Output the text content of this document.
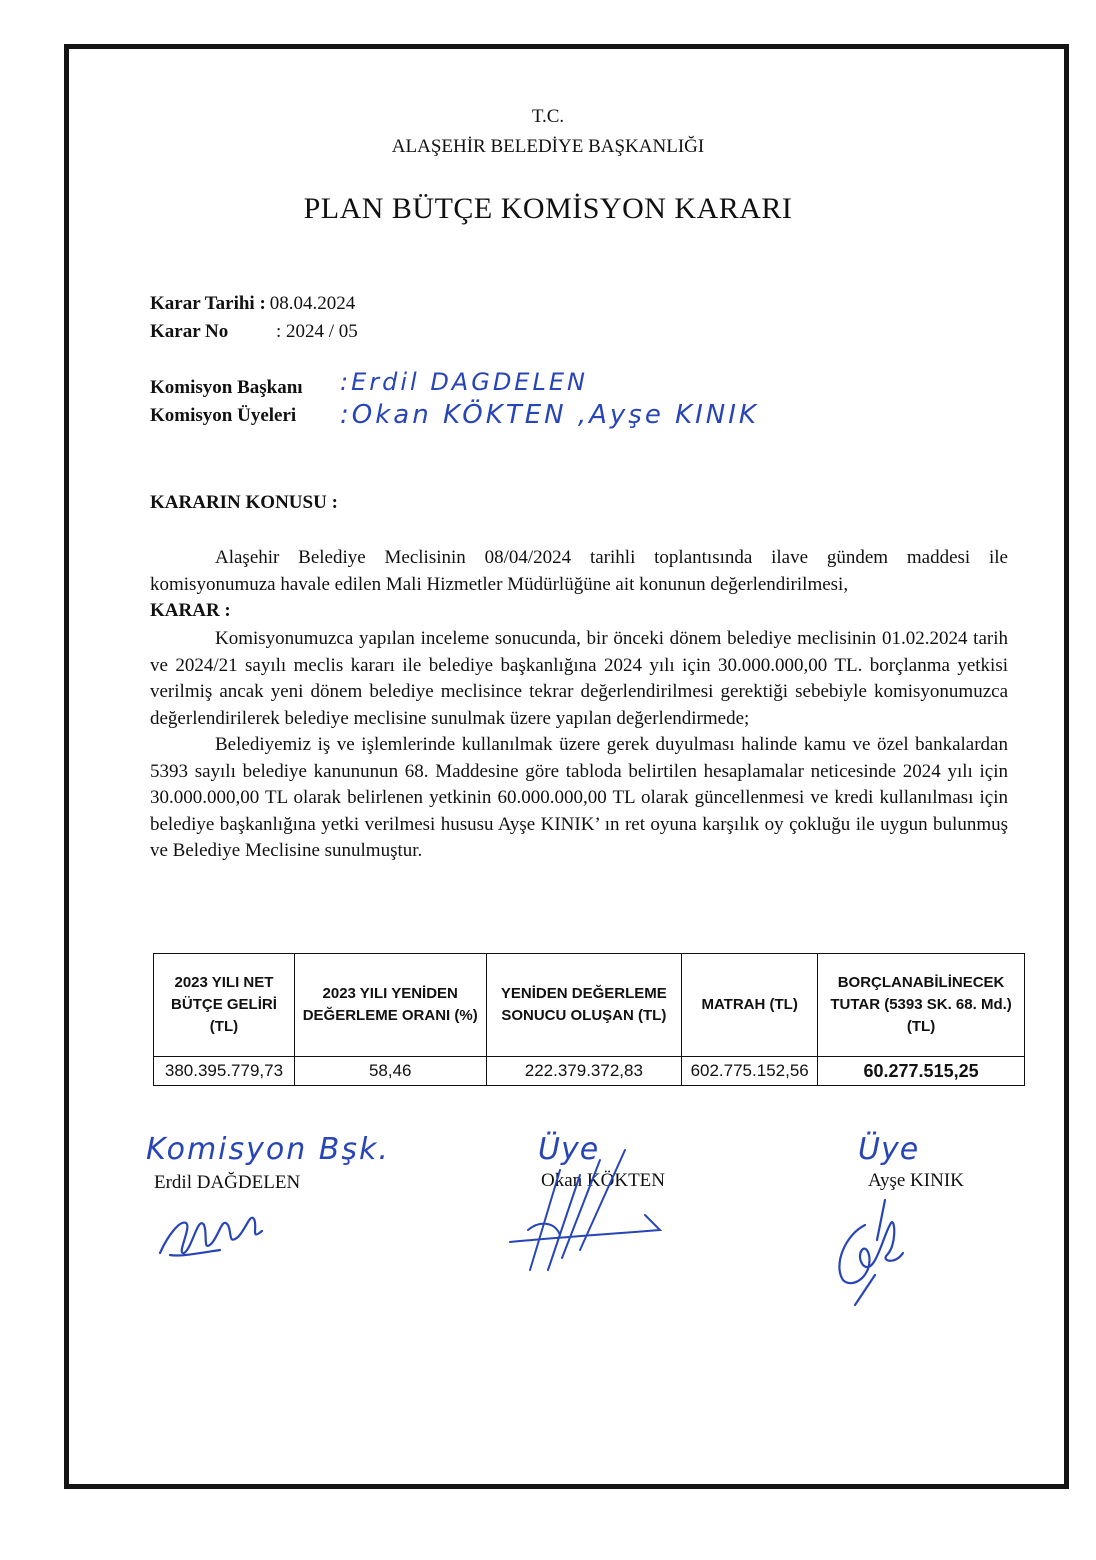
T.C.
ALAŞEHİR BELEDİYE BAŞKANLIĞI
PLAN BÜTÇE KOMİSYON KARARI
Karar Tarihi : 08.04.2024
Karar No	: 2024 / 05
Komisyon Başkanı :Erdil DAGDELEN
Komisyon Üyeleri :Okan KÖKTEN ,Ayşe KINIK
KARARIN KONUSU :

Alaşehir Belediye Meclisinin 08/04/2024 tarihli toplantısında ilave gündem maddesi ile komisyonumuza havale edilen Mali Hizmetler Müdürlüğüne ait konunun değerlendirilmesi,

KARAR :

Komisyonumuzca yapılan inceleme sonucunda, bir önceki dönem belediye meclisinin 01.02.2024 tarih ve 2024/21 sayılı meclis kararı ile belediye başkanlığına 2024 yılı için 30.000.000,00 TL. borçlanma yetkisi verilmiş ancak yeni dönem belediye meclisince tekrar değerlendirilmesi gerektiği sebebiyle komisyonumuzca değerlendirilerek belediye meclisine sunulmak üzere yapılan değerlendirmede;

Belediyemiz iş ve işlemlerinde kullanılmak üzere gerek duyulması halinde kamu ve özel bankalardan 5393 sayılı belediye kanununun 68. Maddesine göre tabloda belirtilen hesaplamalar neticesinde 2024 yılı için 30.000.000,00 TL olarak belirlenen yetkinin 60.000.000,00 TL olarak güncellenmesi ve kredi kullanılması için belediye başkanlığına yetki verilmesi hususu Ayşe KINIK’ ın ret oyuna karşılık oy çokluğu ile uygun bulunmuş ve Belediye Meclisine sunulmuştur.

2023 YILI NET BÜTÇE GELİRİ (TL)	2023 YILI YENİDEN DEĞERLEME ORANI (%)	YENİDEN DEĞERLEME SONUCU OLUŞAN (TL)	MATRAH (TL)	BORÇLANABİLİNECEK TUTAR (5393 SK. 68. Md.) (TL)
380.395.779,73	58,46	222.379.372,83	602.775.152,56	60.277.515,25
Komisyon Bşk.
Erdil DAĞDELEN
Üye
Okan KÖKTEN
Üye
Ayşe KINIK
